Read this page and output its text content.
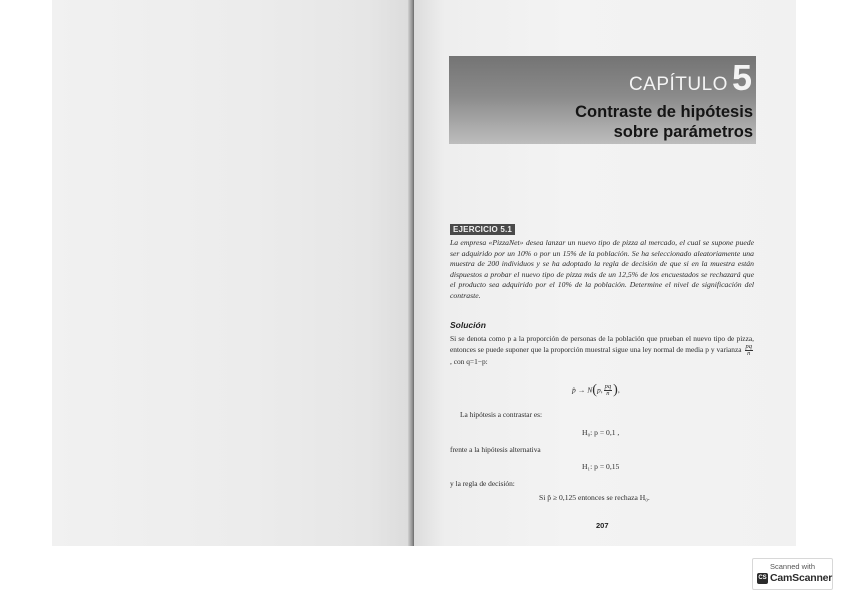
CAPÍTULO 5
Contraste de hipótesis
sobre parámetros
EJERCICIO 5.1
La empresa «PizzaNet» desea lanzar un nuevo tipo de pizza al mercado, el cual se supone puede ser adquirido por un 10% o por un 15% de la población. Se ha seleccionado aleatoriamente una muestra de 200 individuos y se ha adoptado la regla de decisión de que si en la muestra están dispuestos a probar el nuevo tipo de pizza más de un 12,5% de los encuestados se rechazará que el producto sea adquirido por el 10% de la población. Determine el nivel de significación del contraste.
Solución
Si se denota como p a la proporción de personas de la población que prueban el nuevo tipo de pizza, entonces se puede suponer que la proporción muestral sigue una ley normal de media p y varianza $\frac{pq}{n}$
, con q=1−p:
p̂ → N(p, $\frac{pq}{n}$ ),
La hipótesis a contrastar es:
H₀: p = 0,1 ,
frente a la hipótesis alternativa
H₁: p = 0,15
y la regla de decisión:
Si p̂ ≥ 0,125 entonces se rechaza H₀.
207
Scanned with
CS CamScanner
